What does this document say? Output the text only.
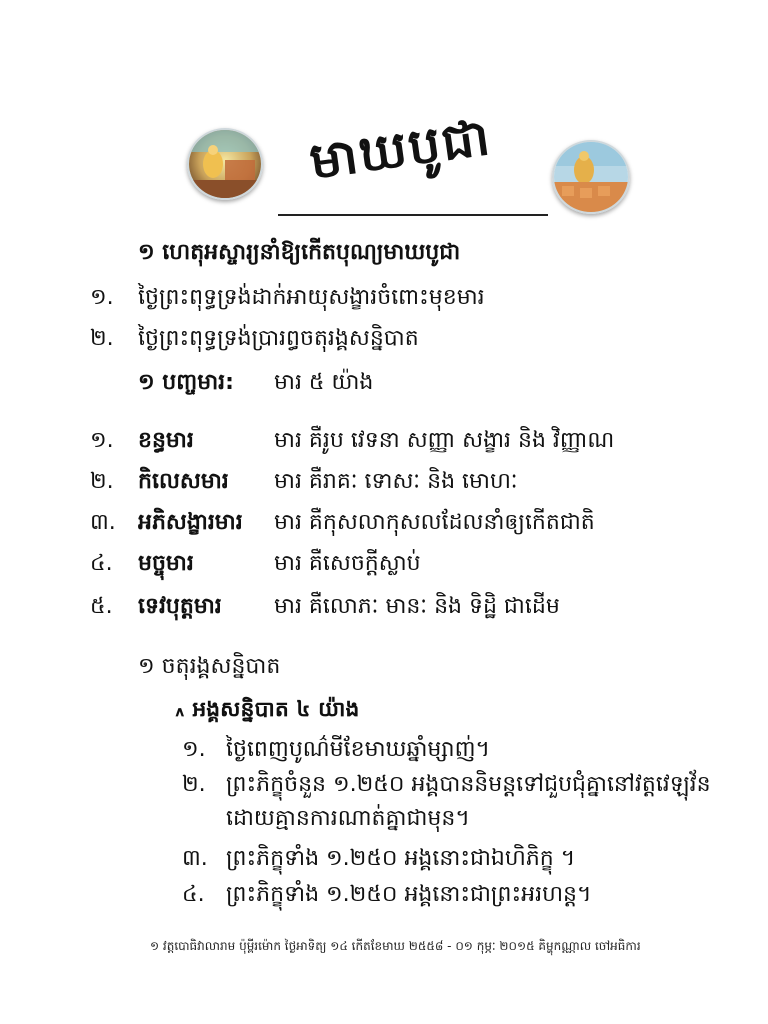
មាឃបូជា
១ ហេតុអស្ចារ្យនាំឱ្យកើតបុណ្យមាឃបូជា
១. ថ្ងៃព្រះពុទ្ធទ្រង់ដាក់អាយុសង្ខារចំពោះមុខមារ
២. ថ្ងៃព្រះពុទ្ធទ្រង់ប្រារព្ធចតុរង្គសន្និបាត
១ បញ្ចមារ: មារ ៥ យ៉ាង
១. ខន្ធមារ	មារ គឺរូប វេទនា សញ្ញា សង្ខារ និង វិញ្ញាណ
២. កិលេសមារ មារ គឺរាគៈ ទោសៈ និង មោហៈ
៣. អភិសង្ខារមារ មារ គឺកុសលាកុសលដែលនាំឲ្យកើតជាតិ
៤. មច្ចុមារ	មារ គឺសេចក្តីស្លាប់
៥. ទេវបុត្តមារ មារ គឺលោភៈ មានៈ និង ទិដ្ឋិ ជាដើម
១ ចតុរង្គសន្និបាត
៱ អង្គសន្និបាត ៤ យ៉ាង
១. ថ្ងៃពេញបូណ៌មីខែមាឃឆ្នាំម្សាញ់។
២. ព្រះភិក្ខុចំនួន ១.២៥០ អង្គបាននិមន្តទៅជួបជុំគ្នានៅវត្តវេឡុវ័ន
ដោយគ្មានការណាត់គ្នាជាមុន។
៣. ព្រះភិក្ខុទាំង ១.២៥០ អង្គនោះជាឯហិភិក្ខុ ។
៤. ព្រះភិក្ខុទាំង ១.២៥០ អង្គនោះជាព្រះអរហន្ត។
១ វត្តបោធិវាលារាម ប៉ុម្ពីរម៉ោក ថ្ងៃអាទិត្យ ១៤ កើតខែមាឃ ២៥៥៨ - ០១ កុម្ភៈ ២០១៥ គិម្ហុកណ្ណាល ចៅអធិការ
